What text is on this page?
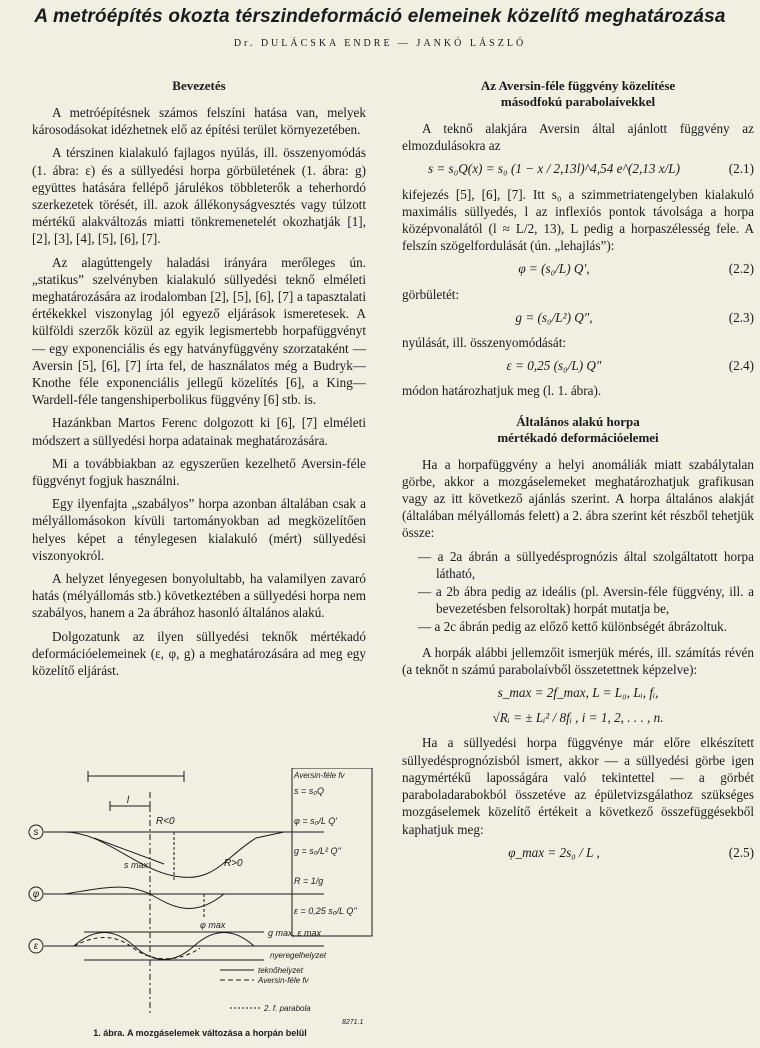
A metróépítés okozta térszindeformáció elemeinek közelítő meghatározása
Dr. DULÁCSKA ENDRE — JANKÓ LÁSZLÓ
Bevezetés

A metróépítésnek számos felszíni hatása van, melyek károsodásokat idézhetnek elő az építési terület környezetében.

A térszinen kialakuló fajlagos nyúlás, ill. összenyomódás (1. ábra: ε) és a süllyedési horpa görbületének (1. ábra: g) együttes hatására fellépő járulékos többleterők a teherhordó szerkezetek törését, ill. azok állékonyságvesztés vagy túlzott mértékű alakváltozás miatti tönkremenetelét okozhatják [1], [2], [3], [4], [5], [6], [7].

Az alagúttengely haladási irányára merőleges ún. „statikus” szelvényben kialakuló süllyedési teknő elméleti meghatározására az irodalomban [2], [5], [6], [7] a tapasztalati értékekkel viszonylag jól egyező eljárások ismeretesek. A külföldi szerzők közül az egyik legismertebb horpafüggvényt — egy exponenciális és egy hatványfüggvény szorzataként — Aversin [5], [6], [7] írta fel, de használatos még a Budryk—Knothe féle exponenciális jellegű közelítés [6], a King—Wardell-féle tangenshiperbolikus függvény [6] stb. is.

Hazánkban Martos Ferenc dolgozott ki [6], [7] elméleti módszert a süllyedési horpa adatainak meghatározására.

Mi a továbbiakban az egyszerűen kezelhető Aversin-féle függvényt fogjuk használni.

Egy ilyenfajta „szabályos” horpa azonban általában csak a mélyállomásokon kívüli tartományokban ad megközelítően helyes képet a ténylegesen kialakuló (mért) süllyedési viszonyokról.

A helyzet lényegesen bonyolultabb, ha valamilyen zavaró hatás (mélyállomás stb.) következtében a süllyedési horpa nem szabályos, hanem a 2a ábrához hasonló általános alakú.

Dolgozatunk az ilyen süllyedési teknők mértékadó deformációelemeinek (ε, φ, g) a meghatározására ad meg egy közelítő eljárást.

s
φ
ε
l
R<0
R>0
s max
φ max
g max, ε max
nyeregelhelyzet
teknőhelyzet
Aversin-féle fv
2. f. parabola
Aversin-féle fv
s = s₀Q
φ = s₀/L Q'
g = s₀/L² Q''
R = 1/g
ε = 0,25 s₀/L Q''
8271.1
1. ábra. A mozgáselemek változása a horpán belül
Az Aversin-féle függvény közelítése
másodfokú parabolaívekkel

A teknő alakjára Aversin által ajánlott függvény az elmozdulásokra az

s = s₀Q(x) = s₀ (1 − x / 2,13l)^4,54 e^(2,13 x/L)	(2.1)

kifejezés [5], [6], [7]. Itt s₀ a szimmetriatengelyben kialakuló maximális süllyedés, l az inflexiós pontok távolsága a horpa középvonalától (l ≈ L/2, 13), L pedig a horpaszélesség fele. A felszín szögelfordulását (ún. „lehajlás”):

φ = (s₀/L) Q′,	(2.2)

görbületét:

g = (s₀/L²) Q″,	(2.3)

nyúlását, ill. összenyomódását:

ε = 0,25 (s₀/L) Q″	(2.4)

módon határozhatjuk meg (l. 1. ábra).

Általános alakú horpa
mértékadó deformációelemei

Ha a horpafüggvény a helyi anomáliák miatt szabálytalan görbe, akkor a mozgáselemeket meghatározhatjuk grafikusan vagy az itt következő ajánlás szerint. A horpa általános alakját (általában mélyállomás felett) a 2. ábra szerint két részből tehetjük össze:

— a 2a ábrán a süllyedésprognózis által szolgáltatott horpa látható,
— a 2b ábra pedig az ideális (pl. Aversin-féle függvény, ill. a bevezetésben felsoroltak) horpát mutatja be,
— a 2c ábrán pedig az előző kettő különbségét ábrázoltuk.

A horpák alábbi jellemzőit ismerjük mérés, ill. számítás révén (a teknőt n számú parabolaívből összetettnek képzelve):

s_max = 2f_max, L = L₀, Lᵢ, fᵢ,
√Rᵢ = ± Lᵢ² / 8fᵢ , i = 1, 2, . . . , n.

Ha a süllyedési horpa függvénye már előre elkészített süllyedésprognózisból ismert, akkor — a süllyedési görbe igen nagymértékű laposságára való tekintettel — a görbét paraboladarabokból összetéve az épületvizsgálathoz szükséges mozgáselemek közelítő értékeit a következő összefüggésekből kaphatjuk meg:

φ_max = 2s₀ / L ,	(2.5)
